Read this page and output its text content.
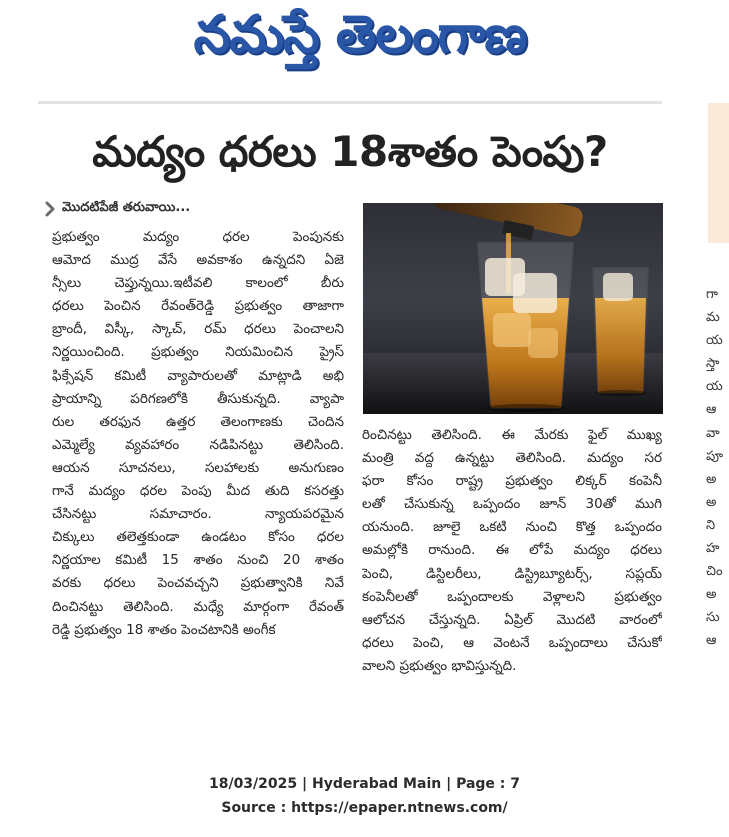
నమస్తే తెలంగాణ
మద్యం ధరలు 18శాతం పెంపు?
మొదటిపేజీ తరువాయి...
ప్రభుత్వం మద్యం ధరల పెంపునకు
ఆమోద ముద్ర వేసే అవకాశం ఉన్నదని ఏజె
న్సీలు చెప్తున్నయి.ఇటీవలి కాలంలో బీరు
ధరలు పెంచిన రేవంత్‌రెడ్డి ప్రభుత్వం తాజాగా
బ్రాందీ, విస్కీ, స్కాచ్, రమ్ ధరలు పెంచాలని
నిర్ణయించింది. ప్రభుత్వం నియమించిన ప్రైస్
ఫిక్సేషన్ కమిటీ వ్యాపారులతో మాట్లాడి అభి
ప్రాయాన్ని పరిగణలోకి తీసుకున్నది. వ్యాపా
రుల తరఫున ఉత్తర తెలంగాణకు చెందిన
ఎమ్మెల్యే వ్యవహారం నడిపినట్టు తెలిసింది.
ఆయన సూచనలు, సలహాలకు అనుగుణం
గానే మద్యం ధరల పెంపు మీద తుది కసరత్తు
చేసినట్టు సమాచారం. న్యాయపరమైన
చిక్కులు తలెత్తకుండా ఉండటం కోసం ధరల
నిర్ణయాల కమిటీ 15 శాతం నుంచి 20 శాతం
వరకు ధరలు పెంచవచ్చని ప్రభుత్వానికి నివే
దించినట్టు తెలిసింది. మధ్యే మార్గంగా రేవంత్
రెడ్డి ప్రభుత్వం 18 శాతం పెంచటానికి అంగీక
రించినట్టు తెలిసింది. ఈ మేరకు ఫైల్ ముఖ్య
మంత్రి వద్ద ఉన్నట్టు తెలిసింది. మద్యం సర
ఫరా కోసం రాష్ట్ర ప్రభుత్వం లిక్కర్ కంపెనీ
లతో చేసుకున్న ఒప్పందం జూన్ 30తో ముగి
యనుంది. జూలై ఒకటి నుంచి కొత్త ఒప్పందం
అమల్లోకి రానుంది. ఈ లోపే మద్యం ధరలు
పెంచి, డిస్టిలరీలు, డిస్ట్రిబ్యూటర్స్, సప్లయ్
కంపెనీలతో ఒప్పందాలకు వెళ్లాలని ప్రభుత్వం
ఆలోచన చేస్తున్నది. ఏప్రిల్ మొదటి వారంలో
ధరలు పెంచి, ఆ వెంటనే ఒప్పందాలు చేసుకో
వాలని ప్రభుత్వం భావిస్తున్నది.
గా
మ
య
స్తా
య
ఆ
వా
పూ
అ
అ
ని
హ
చిం
అ
సు
ఆ
18/03/2025 | Hyderabad Main | Page : 7
Source : https://epaper.ntnews.com/
